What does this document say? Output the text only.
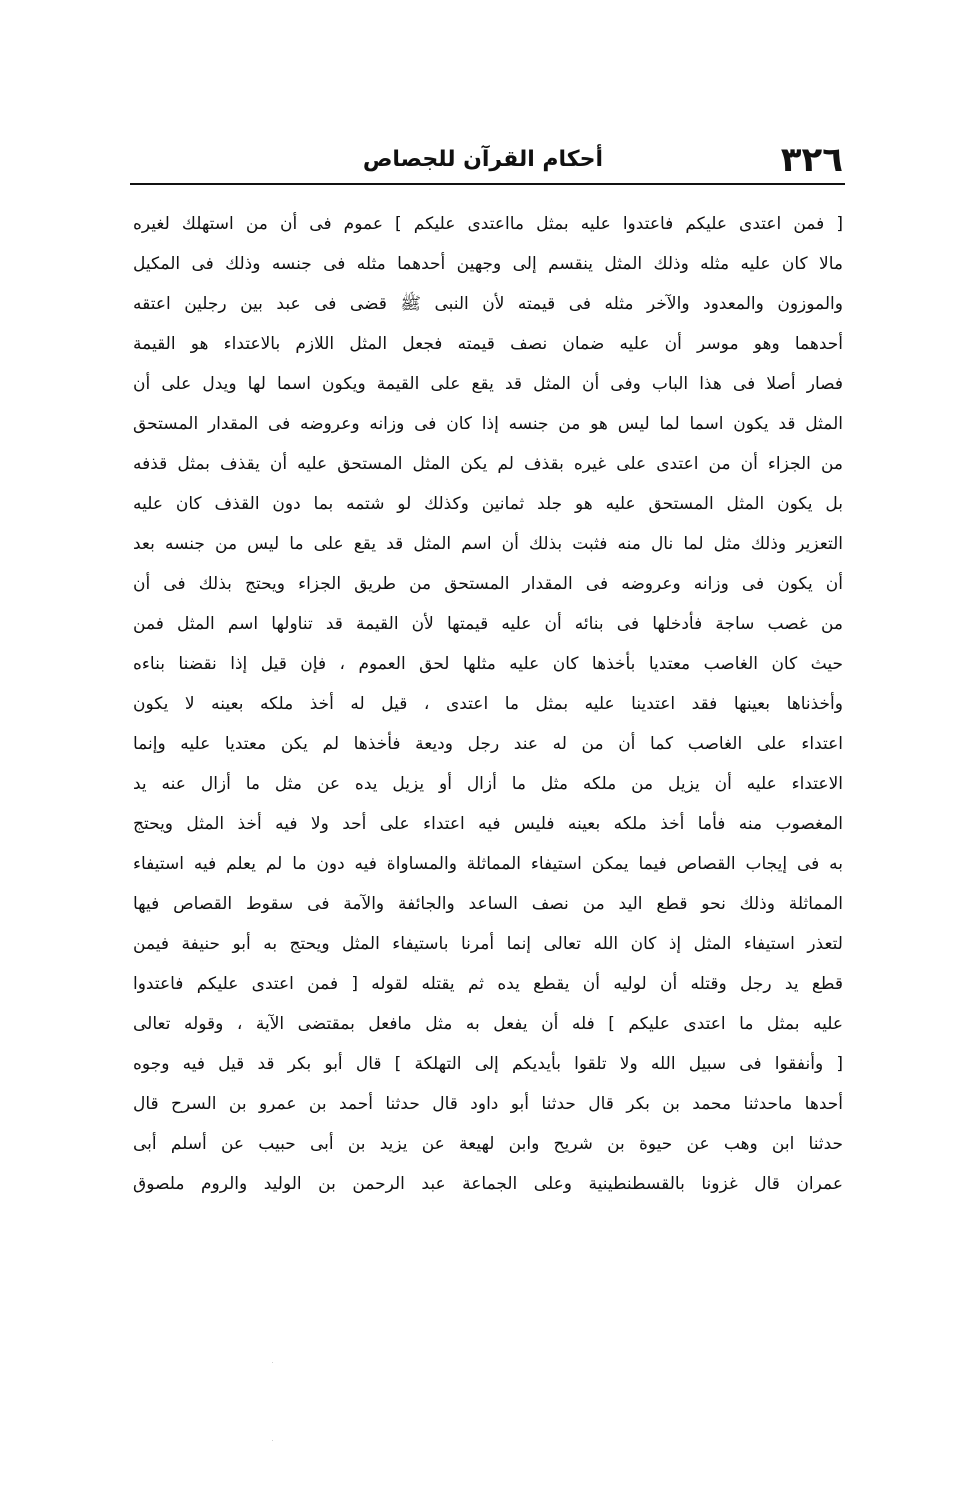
٣٢٦
أحكام القرآن للجصاص
[ فمن اعتدى عليكم فاعتدوا عليه بمثل مااعتدى عليكم ] عموم فى أن من استهلك لغيره
مالا كان عليه مثله وذلك المثل ينقسم إلى وجهين أحدهما مثله فى جنسه وذلك فى المكيل
والموزون والمعدود والآخر مثله فى قيمته لأن النبى ﷺ قضى فى عبد بين رجلين اعتقه
أحدهما وهو موسر أن عليه ضمان نصف قيمته فجعل المثل اللازم بالاعتداء هو القيمة
فصار أصلا فى هذا الباب وفى أن المثل قد يقع على القيمة ويكون اسما لها ويدل على أن
المثل قد يكون اسما لما ليس هو من جنسه إذا كان فى وزانه وعروضه فى المقدار المستحق
من الجزاء أن من اعتدى على غيره بقذف لم يكن المثل المستحق عليه أن يقذف بمثل قذفه
بل يكون المثل المستحق عليه هو جلد ثمانين وكذلك لو شتمه بما دون القذف كان عليه
التعزير وذلك مثل لما نال منه فثبت بذلك أن اسم المثل قد يقع على ما ليس من جنسه بعد
أن يكون فى وزانه وعروضه فى المقدار المستحق من طريق الجزاء ويحتج بذلك فى أن
من غصب ساجة فأدخلها فى بنائه أن عليه قيمتها لأن القيمة قد تناولها اسم المثل فمن
حيث كان الغاصب معتديا بأخذها كان عليه مثلها لحق العموم ، فإن قيل إذا نقضنا بناءه
وأخذناها بعينها فقد اعتدينا عليه بمثل ما اعتدى ، قيل له أخذ ملكه بعينه لا يكون
اعتداء على الغاصب كما أن من له عند رجل وديعة فأخذها لم يكن معتديا عليه وإنما
الاعتداء عليه أن يزيل من ملكه مثل ما أزال أو يزيل يده عن مثل ما أزال عنه يد
المغصوب منه فأما أخذ ملكه بعينه فليس فيه اعتداء على أحد ولا فيه أخذ المثل ويحتج
به فى إيجاب القصاص فيما يمكن استيفاء المماثلة والمساواة فيه دون ما لم يعلم فيه استيفاء
المماثلة وذلك نحو قطع اليد من نصف الساعد والجائفة والآمة فى سقوط القصاص فيها
لتعذر استيفاء المثل إذ كان الله تعالى إنما أمرنا باستيفاء المثل ويحتج به أبو حنيفة فيمن
قطع يد رجل وقتله أن لوليه أن يقطع يده ثم يقتله لقوله [ فمن اعتدى عليكم فاعتدوا
عليه بمثل ما اعتدى عليكم ] فله أن يفعل به مثل مافعل بمقتضى الآية ، وقوله تعالى
[ وأنفقوا فى سبيل الله ولا تلقوا بأيديكم إلى التهلكة ] قال أبو بكر قد قيل فيه وجوه
أحدها ماحدثنا محمد بن بكر قال حدثنا أبو داود قال حدثنا أحمد بن عمرو بن السرح قال
حدثنا ابن وهب عن حيوة بن شريح وابن لهيعة عن يزيد بن أبى حبيب عن أسلم أبى
عمران قال غزونا بالقسطنطينية وعلى الجماعة عبد الرحمن بن الوليد والروم ملصوق
